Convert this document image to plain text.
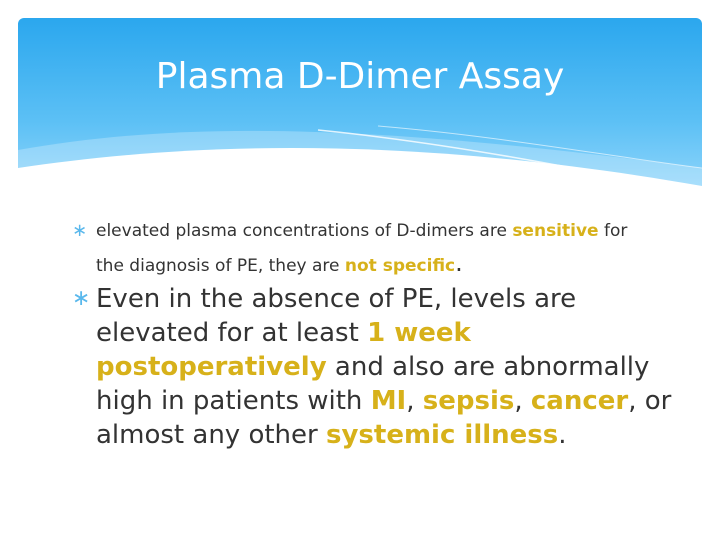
Plasma D-Dimer Assay
∗ elevated plasma concentrations of D-dimers are sensitive for the diagnosis of PE, they are not specific.
∗ Even in the absence of PE, levels are elevated for at least 1 week postoperatively and also are abnormally high in patients with MI, sepsis, cancer, or almost any other systemic illness.
